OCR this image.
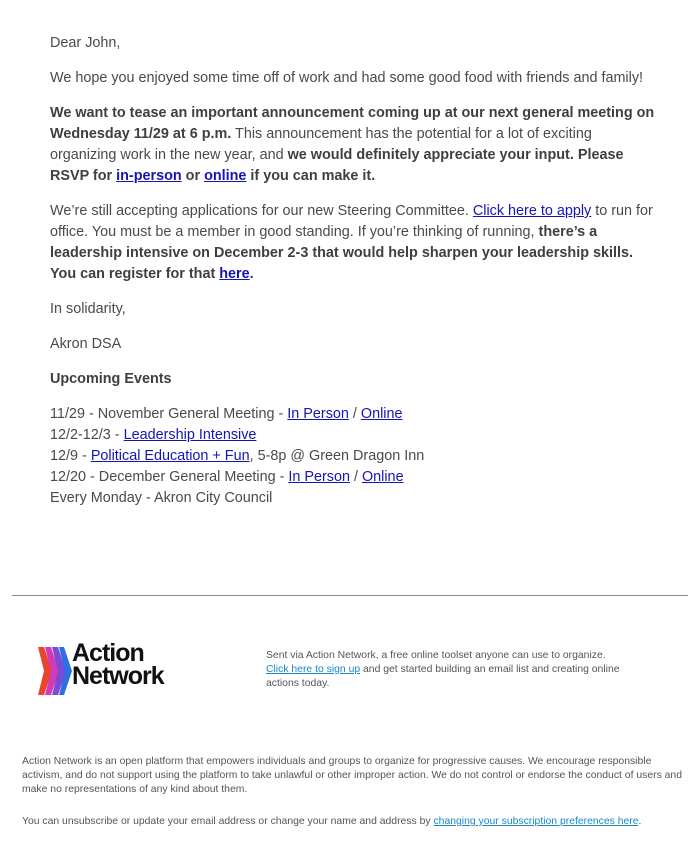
Dear John,

We hope you enjoyed some time off of work and had some good food with friends and family!

We want to tease an important announcement coming up at our next general meeting on Wednesday 11/29 at 6 p.m. This announcement has the potential for a lot of exciting organizing work in the new year, and we would definitely appreciate your input. Please RSVP for in-person or online if you can make it.

We’re still accepting applications for our new Steering Committee. Click here to apply to run for office. You must be a member in good standing. If you’re thinking of running, there’s a leadership intensive on December 2-3 that would help sharpen your leadership skills. You can register for that here.

In solidarity,

Akron DSA

Upcoming Events

11/29 - November General Meeting - In Person / Online
12/2-12/3 - Leadership Intensive
12/9 - Political Education + Fun, 5-8p @ Green Dragon Inn
12/20 - December General Meeting - In Person / Online
Every Monday - Akron City Council
Action
Network
Sent via Action Network, a free online toolset anyone can use to organize.
Click here to sign up and get started building an email list and creating online actions today.
Action Network is an open platform that empowers individuals and groups to organize for progressive causes. We encourage responsible activism, and do not support using the platform to take unlawful or other improper action. We do not control or endorse the conduct of users and make no representations of any kind about them.
You can unsubscribe or update your email address or change your name and address by changing your subscription preferences here.
